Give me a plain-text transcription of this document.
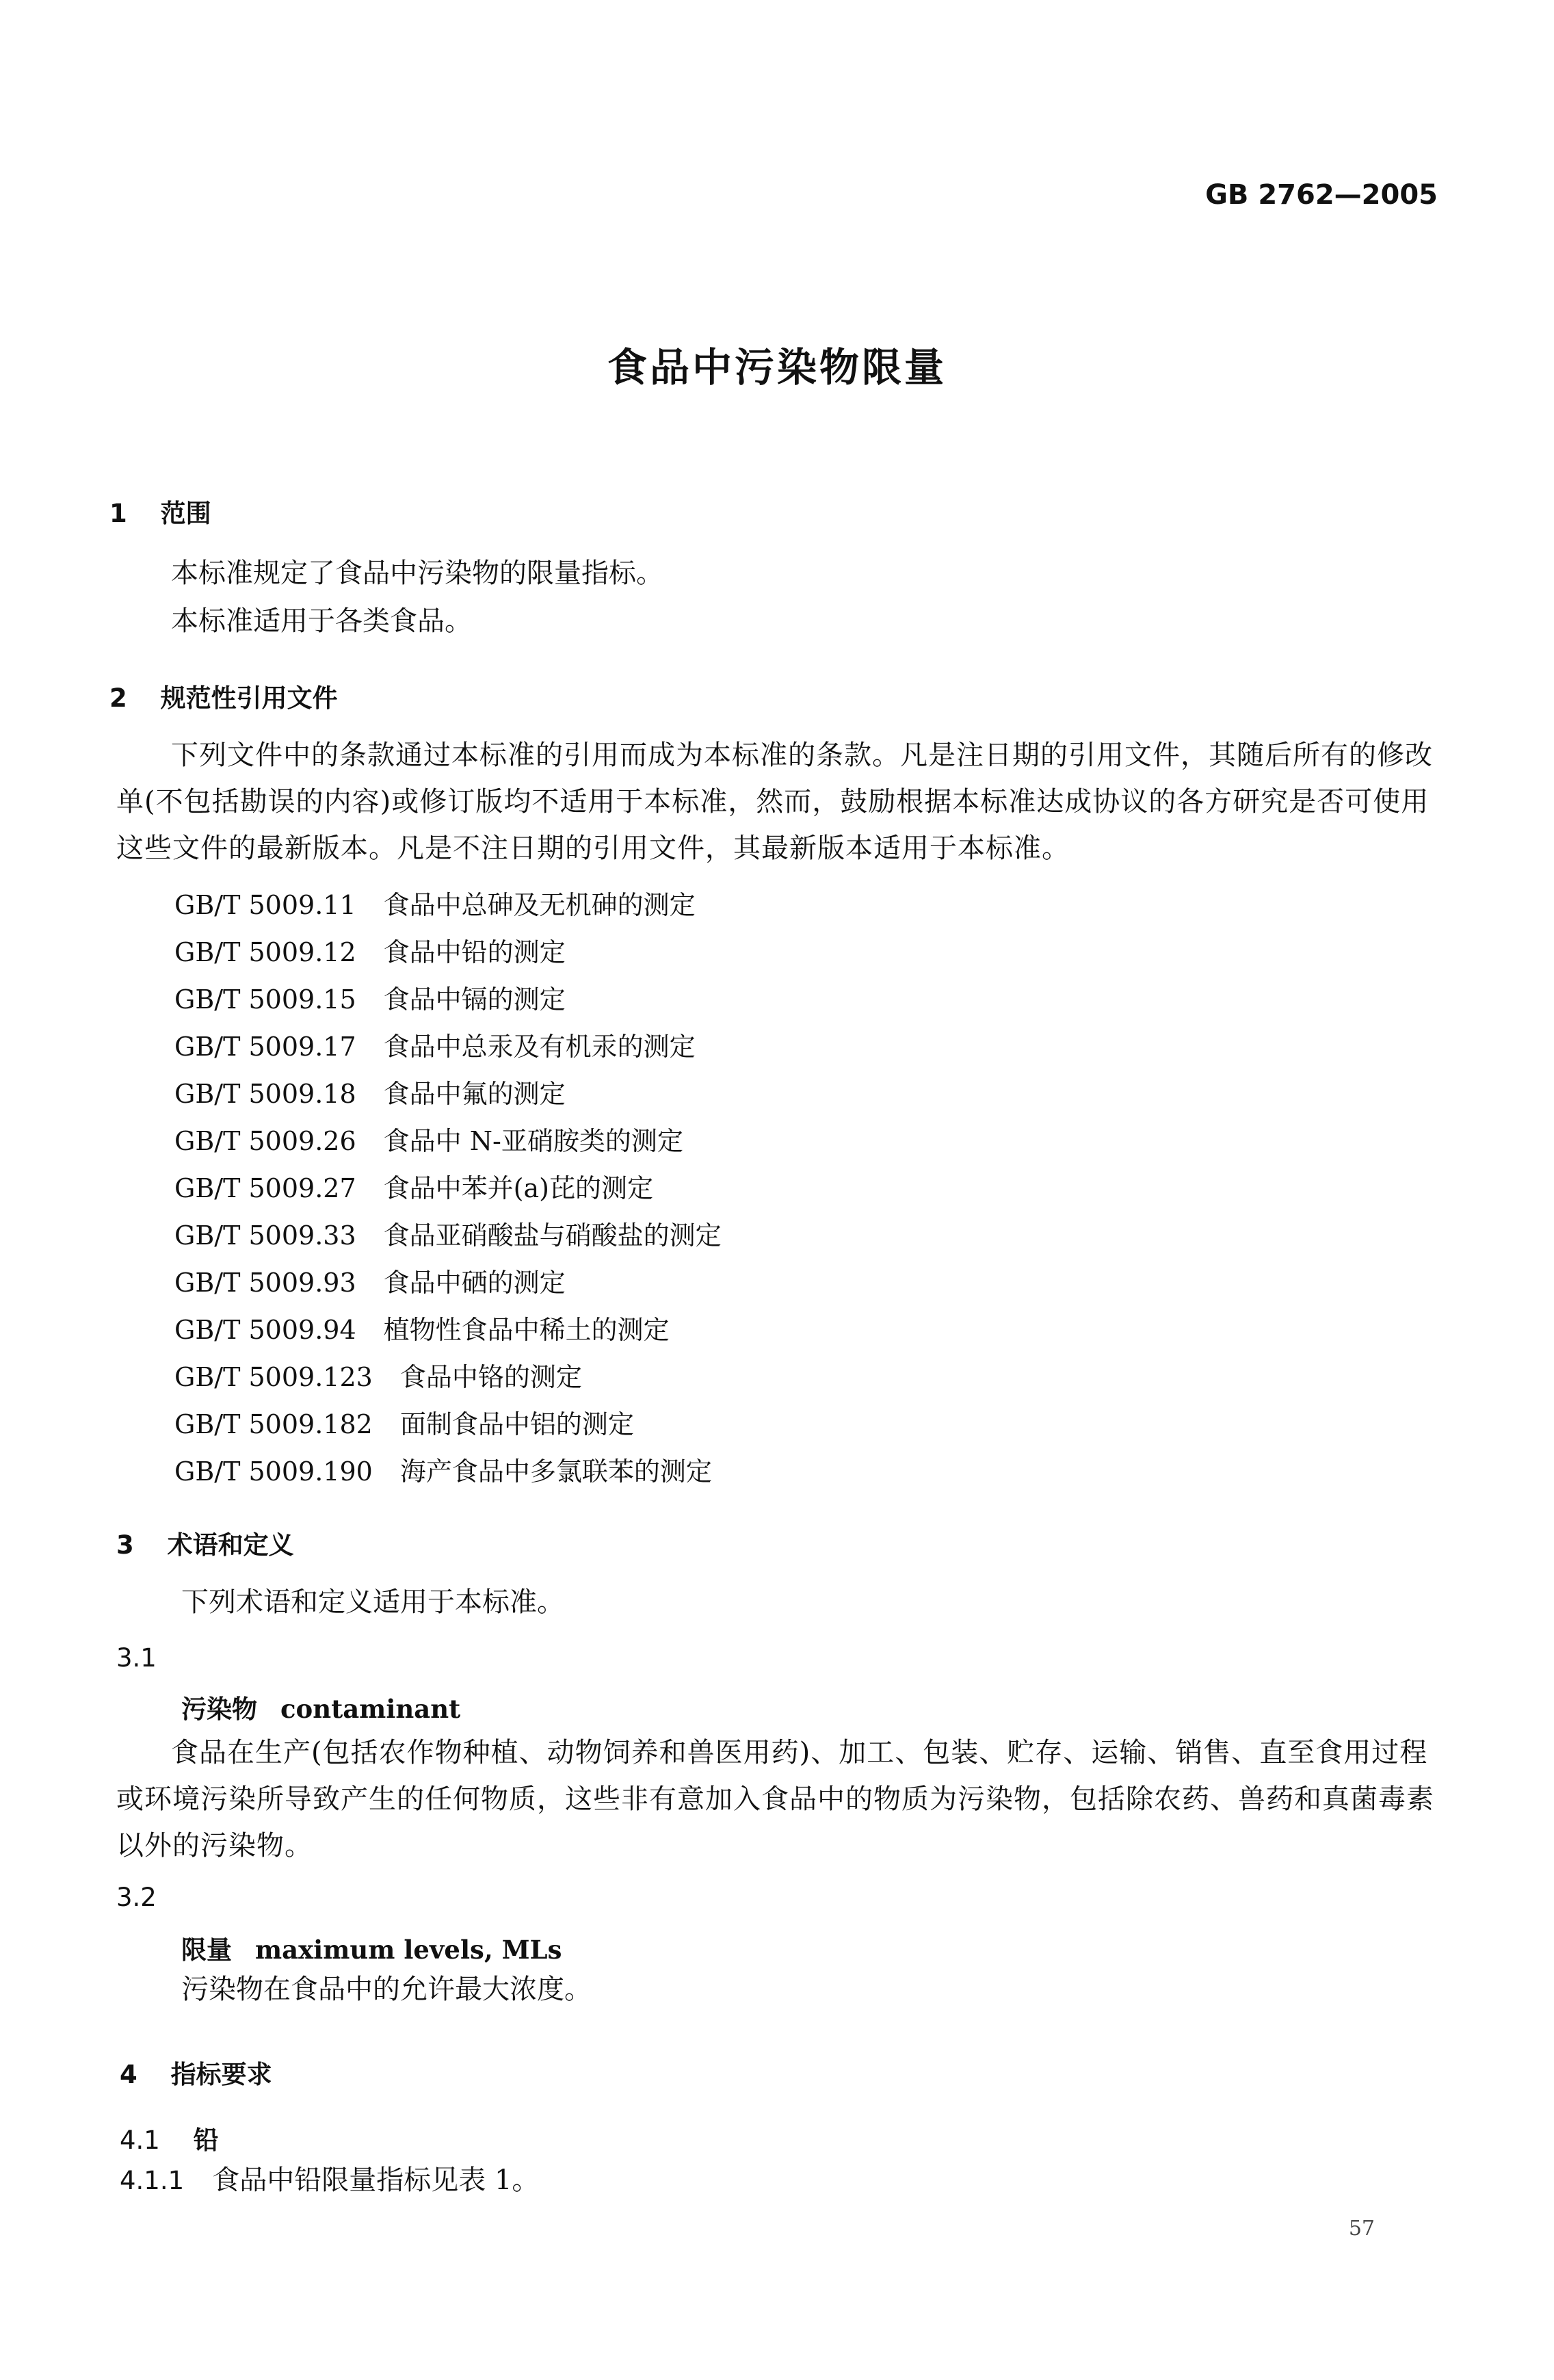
GB 2762—2005
食品中污染物限量
1 范围
本标准规定了食品中污染物的限量指标。
本标准适用于各类食品。
2 规范性引用文件
下列文件中的条款通过本标准的引用而成为本标准的条款。凡是注日期的引用文件，其随后所有的修改单(不包括勘误的内容)或修订版均不适用于本标准，然而，鼓励根据本标准达成协议的各方研究是否可使用这些文件的最新版本。凡是不注日期的引用文件，其最新版本适用于本标准。
GB/T 5009.11 食品中总砷及无机砷的测定
GB/T 5009.12 食品中铅的测定
GB/T 5009.15 食品中镉的测定
GB/T 5009.17 食品中总汞及有机汞的测定
GB/T 5009.18 食品中氟的测定
GB/T 5009.26 食品中 N-亚硝胺类的测定
GB/T 5009.27 食品中苯并(a)芘的测定
GB/T 5009.33 食品亚硝酸盐与硝酸盐的测定
GB/T 5009.93 食品中硒的测定
GB/T 5009.94 植物性食品中稀土的测定
GB/T 5009.123 食品中铬的测定
GB/T 5009.182 面制食品中铝的测定
GB/T 5009.190 海产食品中多氯联苯的测定
3 术语和定义
下列术语和定义适用于本标准。
3.1
污染物 contaminant
食品在生产(包括农作物种植、动物饲养和兽医用药)、加工、包装、贮存、运输、销售、直至食用过程或环境污染所导致产生的任何物质，这些非有意加入食品中的物质为污染物，包括除农药、兽药和真菌毒素以外的污染物。
3.2
限量 maximum levels, MLs
污染物在食品中的允许最大浓度。
4 指标要求
4.1 铅
4.1.1 食品中铅限量指标见表 1。
57
